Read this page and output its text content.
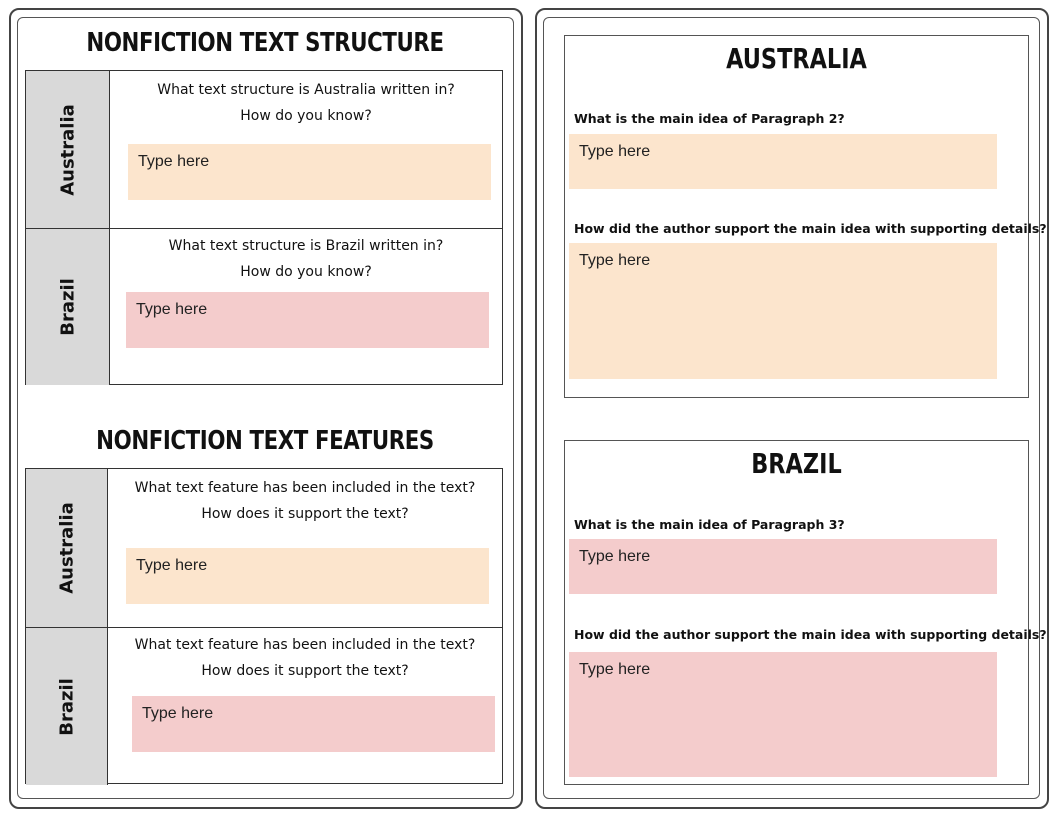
NONFICTION TEXT STRUCTURE
Australia
What text structure is Australia written in?
How do you know?
Type here
Brazil
What text structure is Brazil written in?
How do you know?
Type here
NONFICTION TEXT FEATURES
Australia
What text feature has been included in the text?
How does it support the text?
Type here
Brazil
What text feature has been included in the text?
How does it support the text?
Type here
AUSTRALIA
What is the main idea of Paragraph 2?
Type here
How did the author support the main idea with supporting details?
Type here
BRAZIL
What is the main idea of Paragraph 3?
Type here
How did the author support the main idea with supporting details?
Type here
